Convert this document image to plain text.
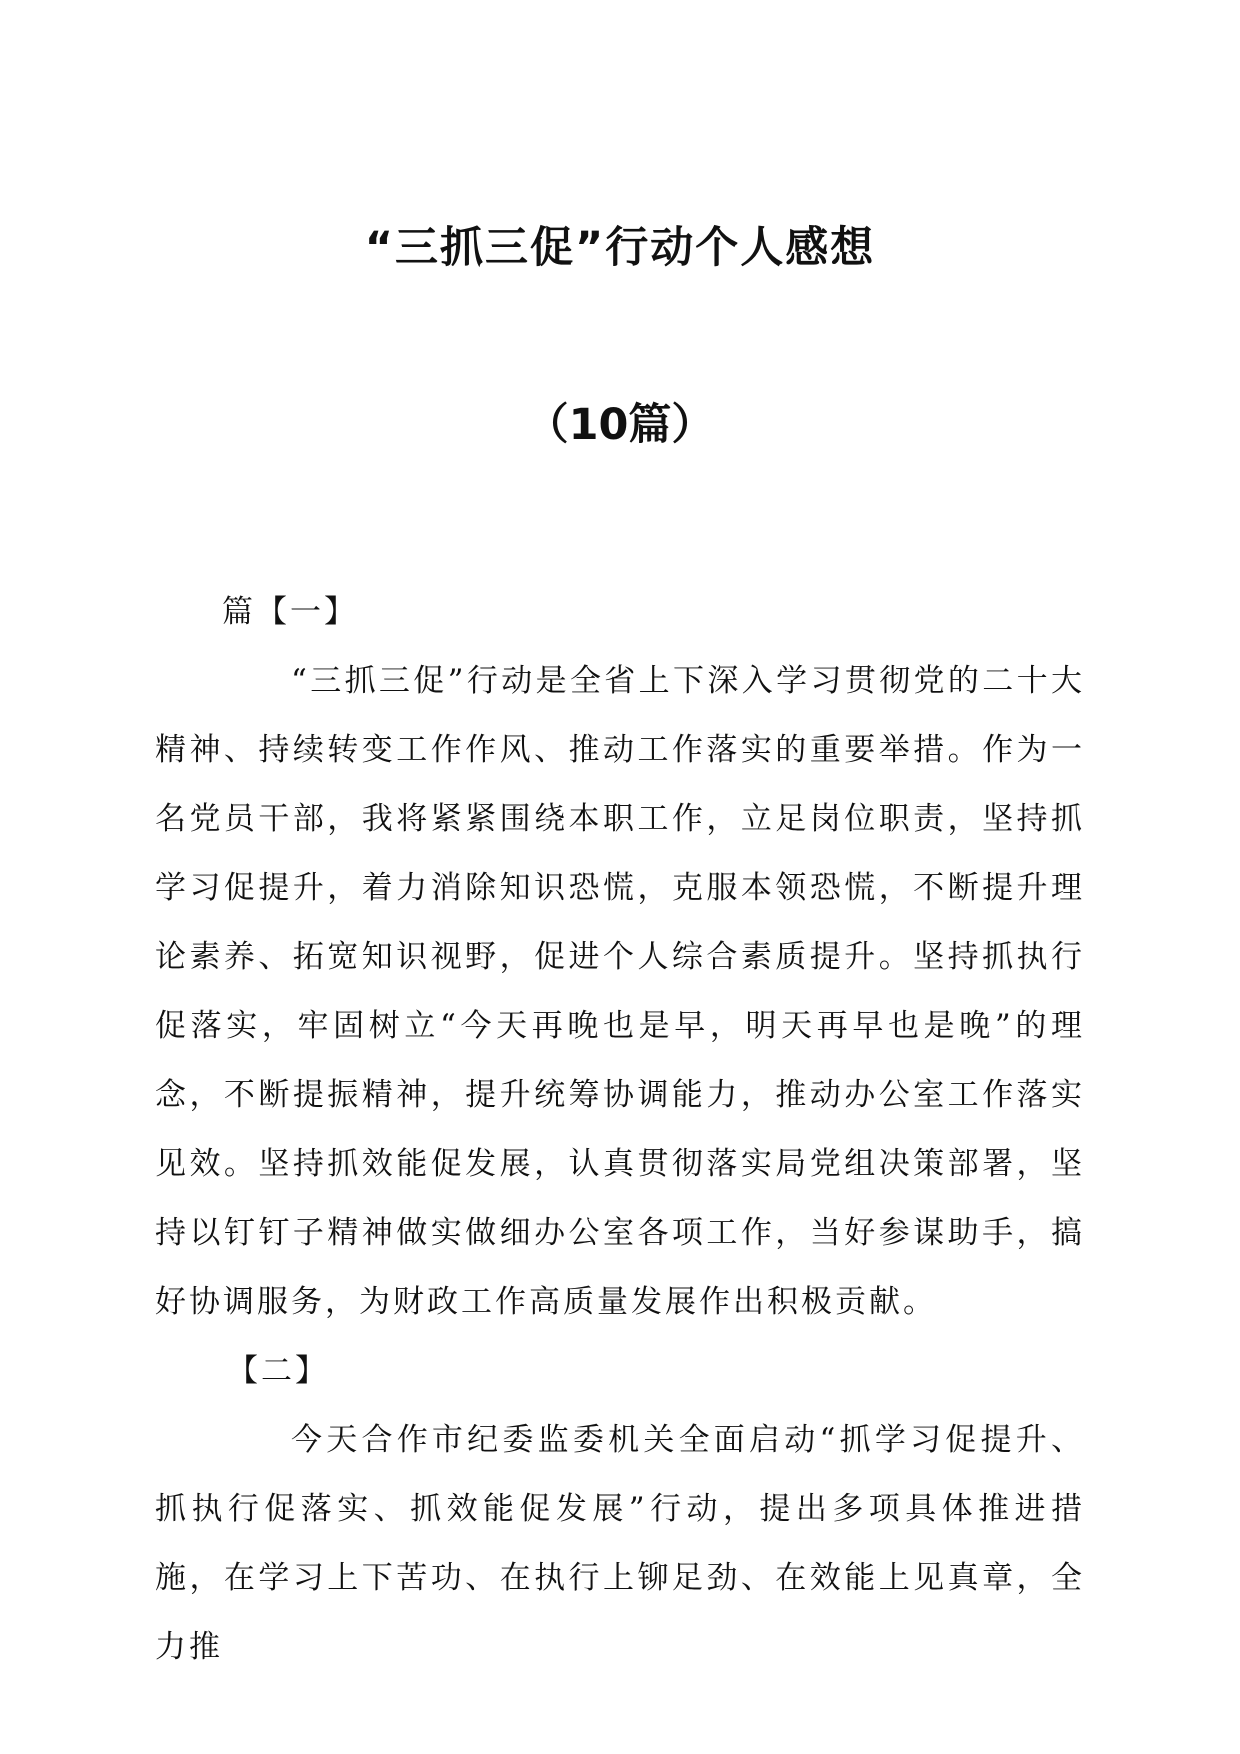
“三抓三促”行动个人感想
（10篇）

篇【一】

“三抓三促”行动是全省上下深入学习贯彻党的二十大精神、持续转变工作作风、推动工作落实的重要举措。作为一名党员干部，我将紧紧围绕本职工作，立足岗位职责，坚持抓学习促提升，着力消除知识恐慌，克服本领恐慌，不断提升理论素养、拓宽知识视野，促进个人综合素质提升。坚持抓执行促落实，牢固树立“今天再晚也是早，明天再早也是晚”的理念，不断提振精神，提升统筹协调能力，推动办公室工作落实见效。坚持抓效能促发展，认真贯彻落实局党组决策部署，坚持以钉钉子精神做实做细办公室各项工作，当好参谋助手，搞好协调服务，为财政工作高质量发展作出积极贡献。

【二】

今天合作市纪委监委机关全面启动“抓学习促提升、抓执行促落实、抓效能促发展”行动，提出多项具体推进措施，在学习上下苦功、在执行上铆足劲、在效能上见真章，全力推
